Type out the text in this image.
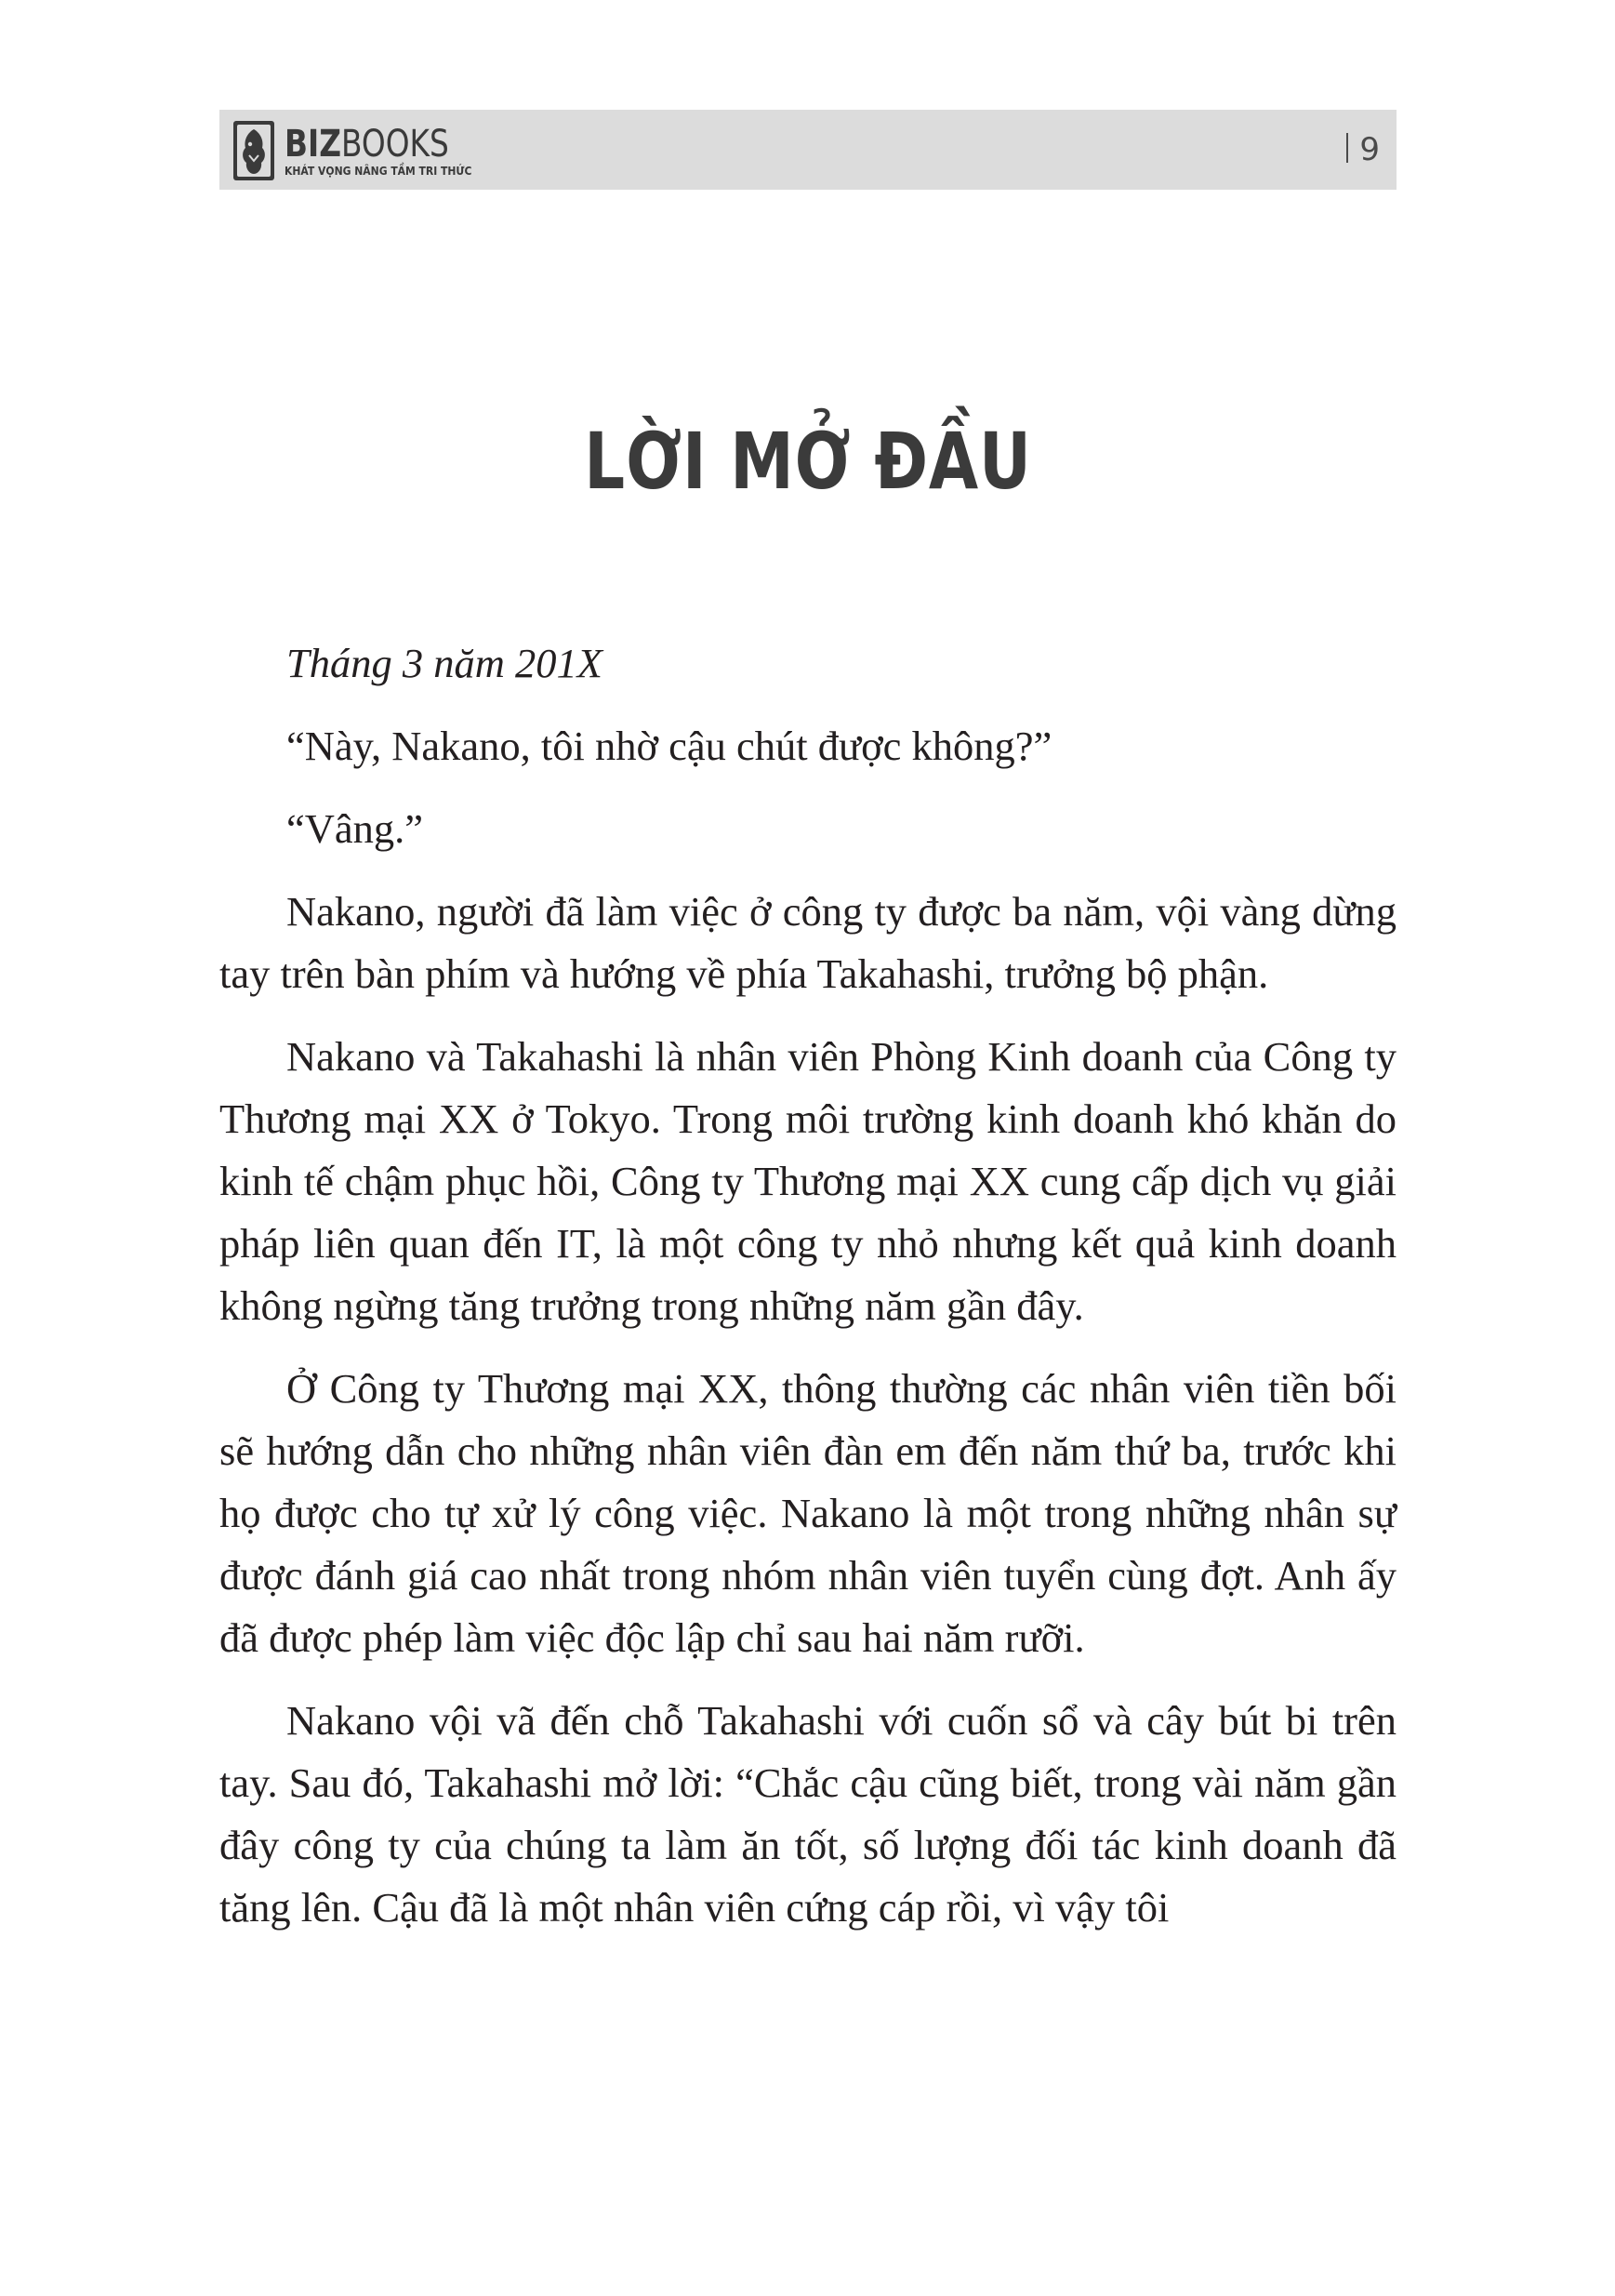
BIZBOOKS
KHÁT VỌNG NÂNG TẦM TRI THỨC
9
LỜI MỞ ĐẦU

Tháng 3 năm 201X

“Này, Nakano, tôi nhờ cậu chút được không?”

“Vâng.”

Nakano, người đã làm việc ở công ty được ba năm, vội vàng dừng tay trên bàn phím và hướng về phía Takahashi, trưởng bộ phận.

Nakano và Takahashi là nhân viên Phòng Kinh doanh của Công ty Thương mại XX ở Tokyo. Trong môi trường kinh doanh khó khăn do kinh tế chậm phục hồi, Công ty Thương mại XX cung cấp dịch vụ giải pháp liên quan đến IT, là một công ty nhỏ nhưng kết quả kinh doanh không ngừng tăng trưởng trong những năm gần đây.

Ở Công ty Thương mại XX, thông thường các nhân viên tiền bối sẽ hướng dẫn cho những nhân viên đàn em đến năm thứ ba, trước khi họ được cho tự xử lý công việc. Nakano là một trong những nhân sự được đánh giá cao nhất trong nhóm nhân viên tuyển cùng đợt. Anh ấy đã được phép làm việc độc lập chỉ sau hai năm rưỡi.

Nakano vội vã đến chỗ Takahashi với cuốn sổ và cây bút bi trên tay. Sau đó, Takahashi mở lời: “Chắc cậu cũng biết, trong vài năm gần đây công ty của chúng ta làm ăn tốt, số lượng đối tác kinh doanh đã tăng lên. Cậu đã là một nhân viên cứng cáp rồi, vì vậy tôi
